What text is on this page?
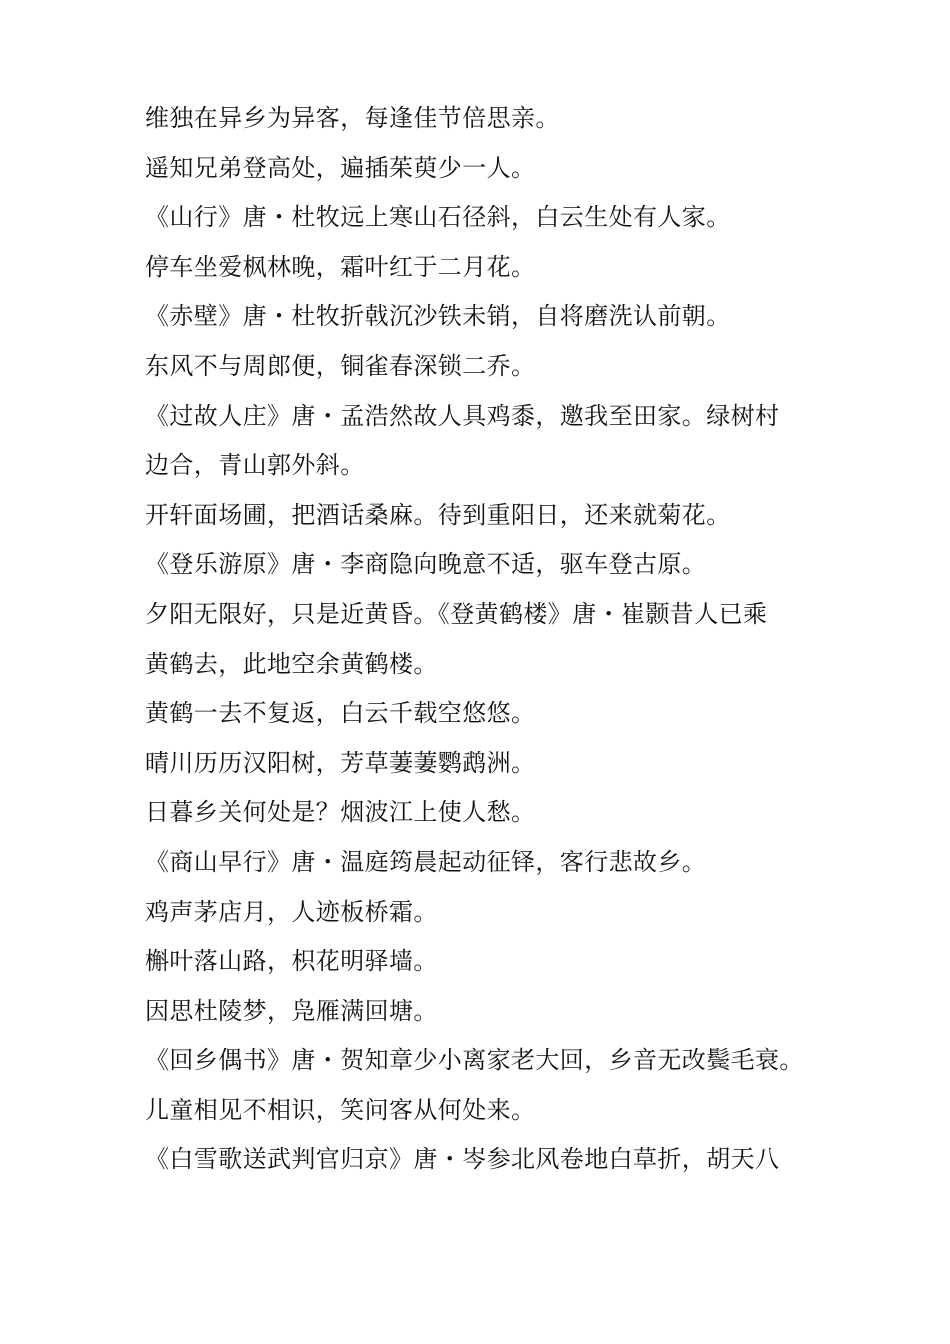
维独在异乡为异客，每逢佳节倍思亲。
遥知兄弟登高处，遍插茱萸少一人。
《山行》唐・杜牧远上寒山石径斜，白云生处有人家。
停车坐爱枫林晚，霜叶红于二月花。
《赤壁》唐・杜牧折戟沉沙铁未销，自将磨洗认前朝。
东风不与周郎便，铜雀春深锁二乔。
《过故人庄》唐・孟浩然故人具鸡黍，邀我至田家。绿树村
边合，青山郭外斜。
开轩面场圃，把酒话桑麻。待到重阳日，还来就菊花。
《登乐游原》唐・李商隐向晚意不适，驱车登古原。
夕阳无限好，只是近黄昏。《登黄鹤楼》唐・崔颢昔人已乘
黄鹤去，此地空余黄鹤楼。
黄鹤一去不复返，白云千载空悠悠。
晴川历历汉阳树，芳草萋萋鹦鹉洲。
日暮乡关何处是？烟波江上使人愁。
《商山早行》唐・温庭筠晨起动征铎，客行悲故乡。
鸡声茅店月，人迹板桥霜。
槲叶落山路，枳花明驿墙。
因思杜陵梦，凫雁满回塘。
《回乡偶书》唐・贺知章少小离家老大回，乡音无改鬓毛衰。
儿童相见不相识，笑问客从何处来。
《白雪歌送武判官归京》唐・岑参北风卷地白草折，胡天八
